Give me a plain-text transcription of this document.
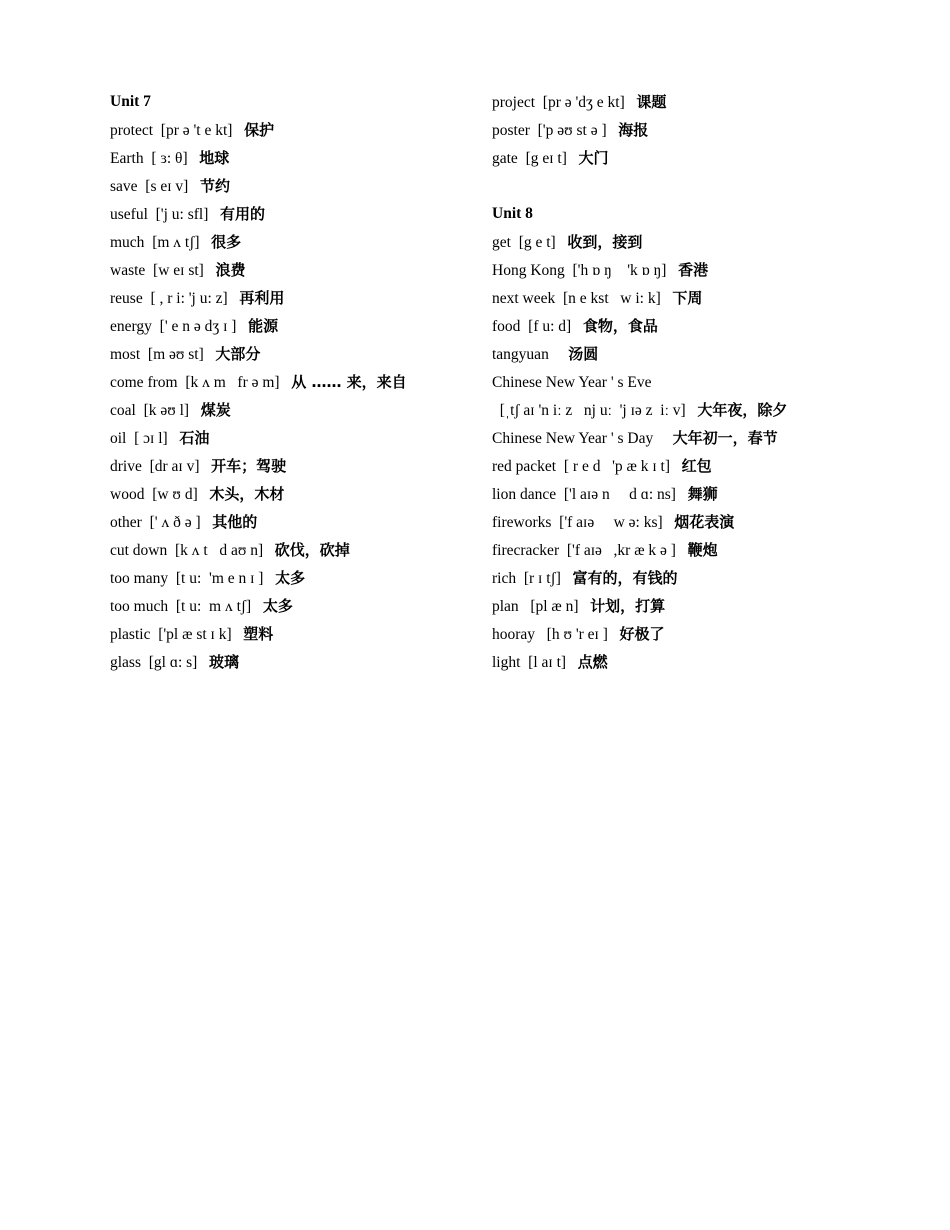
Unit 7
protect [pr ə 't e kt] 保护
Earth [ ɜ: θ] 地球
save [s eɪ v] 节约
useful ['j u: sfl] 有用的
much [m ʌ tʃ] 很多
waste [w eɪ st] 浪费
reuse [ , r i: 'j u: z] 再利用
energy [' e n ə dʒ ɪ ] 能源
most [m əʊ st] 大部分
come from [k ʌ m   fr ə m] 从 …… 来，来自
coal [k əʊ l] 煤炭
oil [ ɔɪ l] 石油
drive [dr aɪ v] 开车；驾驶
wood [w ʊ d] 木头，木材
other [' ʌ ð ə ] 其他的
cut down [k ʌ t   d aʊ n] 砍伐，砍掉
too many [t u:  'm e n ɪ ] 太多
too much [t u:  m ʌ tʃ] 太多
plastic ['pl æ st ɪ k] 塑料
glass [gl ɑ: s] 玻璃
project [pr ə 'dʒ e kt] 课题
poster ['p əʊ st ə ] 海报
gate [g eɪ t] 大门
Unit 8
get [g e t] 收到，接到
Hong Kong ['h ɒ ŋ    'k ɒ ŋ] 香港
next week [n e kst   w i: k] 下周
food [f u: d] 食物，食品
tangyuan 汤圆
Chinese New Year ' s Eve
[ˌtʃ aɪ 'n iː z   nj uː  'j ɪə z  iː v] 大年夜，除夕
Chinese New Year ' s Day 大年初一，春节
red packet [ r e d   'p æ k ɪ t] 红包
lion dance ['l aɪə n     d ɑ: ns] 舞狮
fireworks ['f aɪə     w ə: ks] 烟花表演
firecracker ['f aɪə   ,kr æ k ə ] 鞭炮
rich [r ɪ tʃ] 富有的，有钱的
plan   [pl æ n] 计划，打算
hooray   [h ʊ 'r eɪ ] 好极了
light [l aɪ t] 点燃
